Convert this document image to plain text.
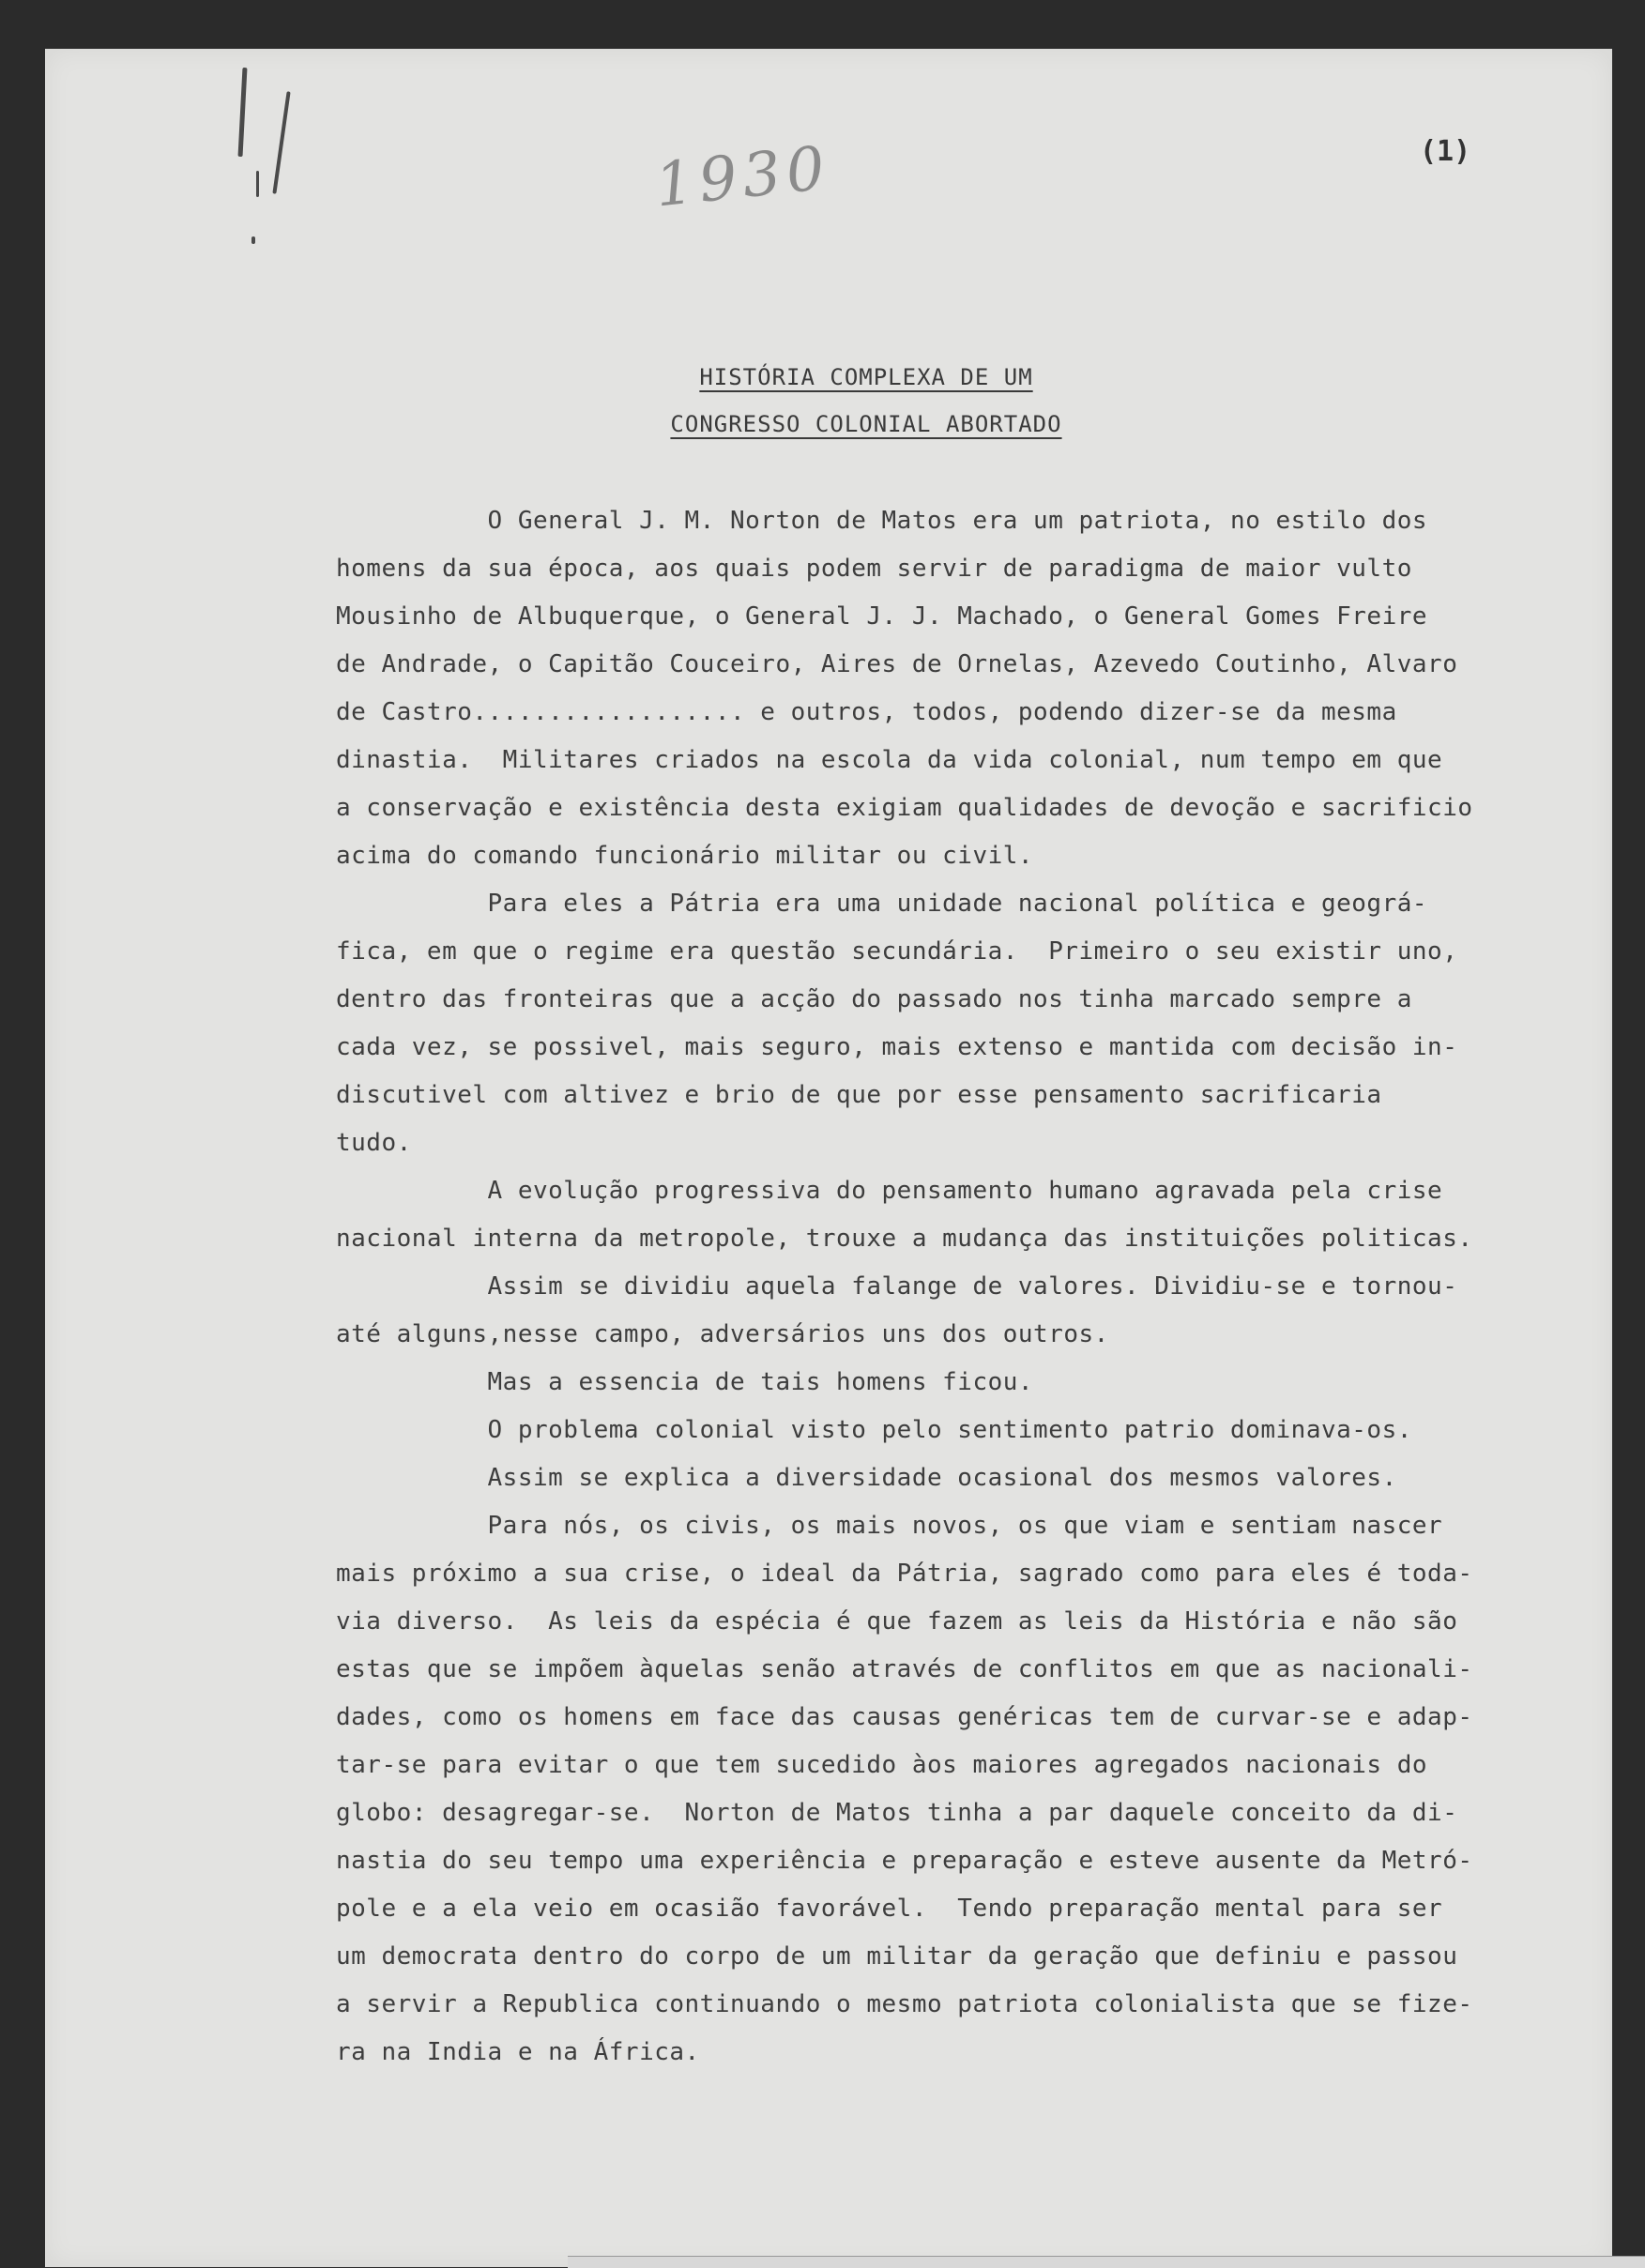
1930	(1)
HISTÓRIA COMPLEXA DE UM
CONGRESSO COLONIAL ABORTADO
O General J. M. Norton de Matos era um patriota, no estilo dos
homens da sua época, aos quais podem servir de paradigma de maior vulto
Mousinho de Albuquerque, o General J. J. Machado, o General Gomes Freire
de Andrade, o Capitão Couceiro, Aires de Ornelas, Azevedo Coutinho, Alvaro
de Castro.................. e outros, todos, podendo dizer-se da mesma
dinastia.  Militares criados na escola da vida colonial, num tempo em que
a conservação e existência desta exigiam qualidades de devoção e sacrificio
acima do comando funcionário militar ou civil.
Para eles a Pátria era uma unidade nacional política e geográ-
fica, em que o regime era questão secundária.  Primeiro o seu existir uno,
dentro das fronteiras que a acção do passado nos tinha marcado sempre a
cada vez, se possivel, mais seguro, mais extenso e mantida com decisão in-
discutivel com altivez e brio de que por esse pensamento sacrificaria
tudo.
A evolução progressiva do pensamento humano agravada pela crise
nacional interna da metropole, trouxe a mudança das instituições politicas.
Assim se dividiu aquela falange de valores. Dividiu-se e tornou-
até alguns,nesse campo, adversários uns dos outros.
Mas a essencia de tais homens ficou.
O problema colonial visto pelo sentimento patrio dominava-os.
Assim se explica a diversidade ocasional dos mesmos valores.
Para nós, os civis, os mais novos, os que viam e sentiam nascer
mais próximo a sua crise, o ideal da Pátria, sagrado como para eles é toda-
via diverso.  As leis da espécia é que fazem as leis da História e não são
estas que se impõem àquelas senão através de conflitos em que as nacionali-
dades, como os homens em face das causas genéricas tem de curvar-se e adap-
tar-se para evitar o que tem sucedido àos maiores agregados nacionais do
globo: desagregar-se.  Norton de Matos tinha a par daquele conceito da di-
nastia do seu tempo uma experiência e preparação e esteve ausente da Metró-
pole e a ela veio em ocasião favorável.  Tendo preparação mental para ser
um democrata dentro do corpo de um militar da geração que definiu e passou
a servir a Republica continuando o mesmo patriota colonialista que se fize-
ra na India e na África.
